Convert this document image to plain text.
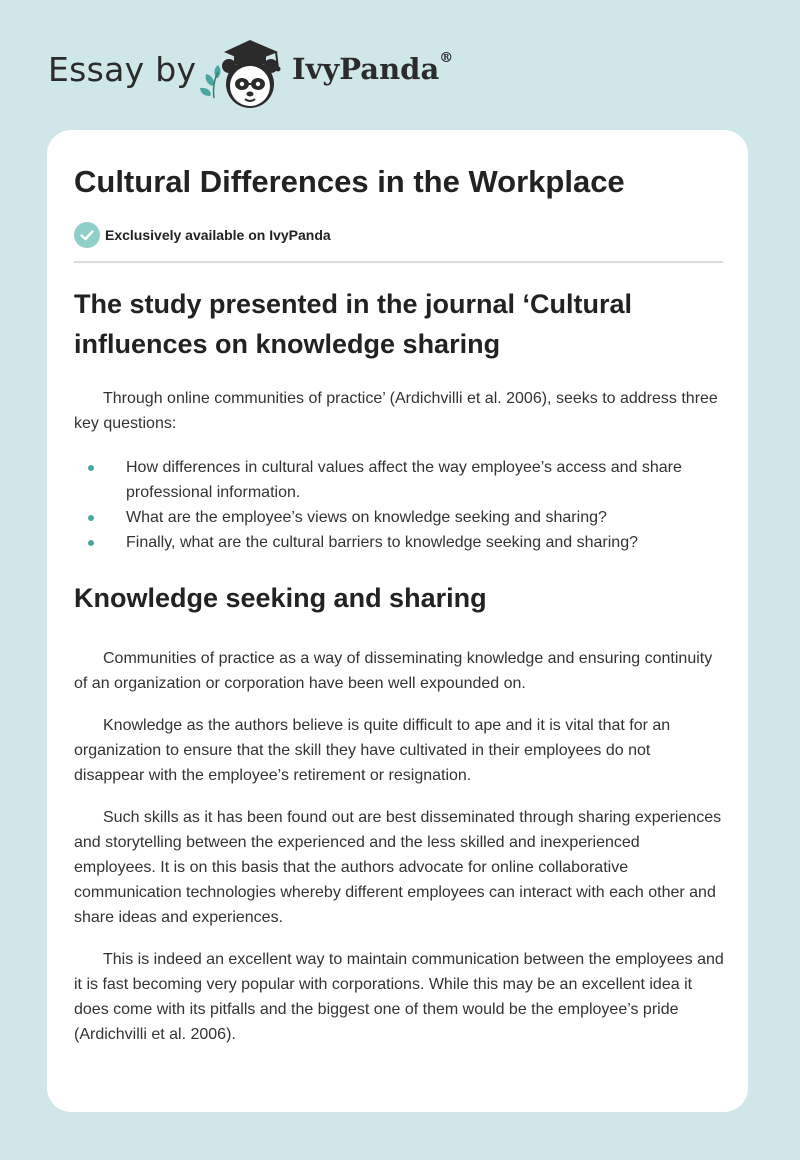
Essay by	IvyPanda®
Cultural Differences in the Workplace
Exclusively available on IvyPanda
The study presented in the journal ‘Cultural influences on knowledge sharing

Through online communities of practice’ (Ardichvilli et al. 2006), seeks to address three key questions:

How differences in cultural values affect the way employee’s access and share professional information.
What are the employee’s views on knowledge seeking and sharing?
Finally, what are the cultural barriers to knowledge seeking and sharing?
Knowledge seeking and sharing

Communities of practice as a way of disseminating knowledge and ensuring continuity of an organization or corporation have been well expounded on.

Knowledge as the authors believe is quite difficult to ape and it is vital that for an organization to ensure that the skill they have cultivated in their employees do not disappear with the employee’s retirement or resignation.

Such skills as it has been found out are best disseminated through sharing experiences and storytelling between the experienced and the less skilled and inexperienced employees. It is on this basis that the authors advocate for online collaborative communication technologies whereby different employees can interact with each other and share ideas and experiences.

This is indeed an excellent way to maintain communication between the employees and it is fast becoming very popular with corporations. While this may be an excellent idea it does come with its pitfalls and the biggest one of them would be the employee’s pride (Ardichvilli et al. 2006).
